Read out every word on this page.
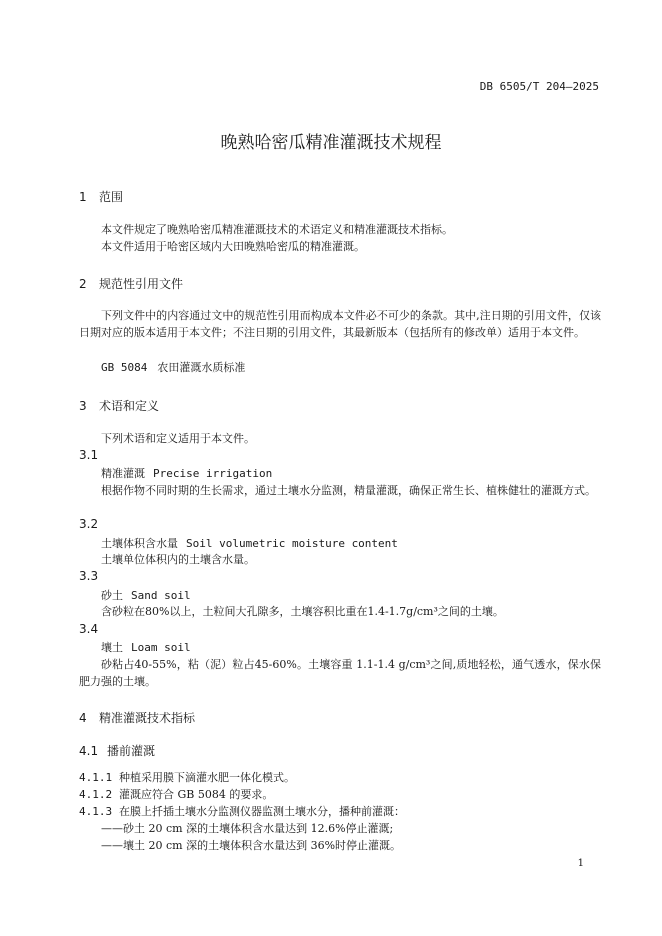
DB 6505/T 204—2025
晚熟哈密瓜精准灌溉技术规程
1 范围
本文件规定了晚熟哈密瓜精准灌溉技术的术语定义和精准灌溉技术指标。
本文件适用于哈密区域内大田晚熟哈密瓜的精准灌溉。
2 规范性引用文件
下列文件中的内容通过文中的规范性引用而构成本文件必不可少的条款。其中,注日期的引用文件，仅该日期对应的版本适用于本文件；不注日期的引用文件，其最新版本（包括所有的修改单）适用于本文件。
GB 5084 农田灌溉水质标准
3 术语和定义
下列术语和定义适用于本文件。
3.1
精准灌溉 Precise irrigation
根据作物不同时期的生长需求，通过土壤水分监测，精量灌溉，确保正常生长、植株健壮的灌溉方式。
3.2
土壤体积含水量 Soil volumetric moisture content
土壤单位体积内的土壤含水量。
3.3
砂土 Sand soil
含砂粒在80%以上，土粒间大孔隙多，土壤容积比重在1.4-1.7g/cm³之间的土壤。
3.4
壤土 Loam soil
砂粘占40-55%，粘（泥）粒占45-60%。土壤容重 1.1-1.4 g/cm³之间,质地轻松，通气透水，保水保肥力强的土壤。
4 精准灌溉技术指标
4.1 播前灌溉
4.1.1 种植采用膜下滴灌水肥一体化模式。
4.1.2 灌溉应符合 GB 5084 的要求。
4.1.3 在膜上扦插土壤水分监测仪器监测土壤水分，播种前灌溉：
——砂土 20 cm 深的土壤体积含水量达到 12.6%停止灌溉;
——壤土 20 cm 深的土壤体积含水量达到 36%时停止灌溉。
1
